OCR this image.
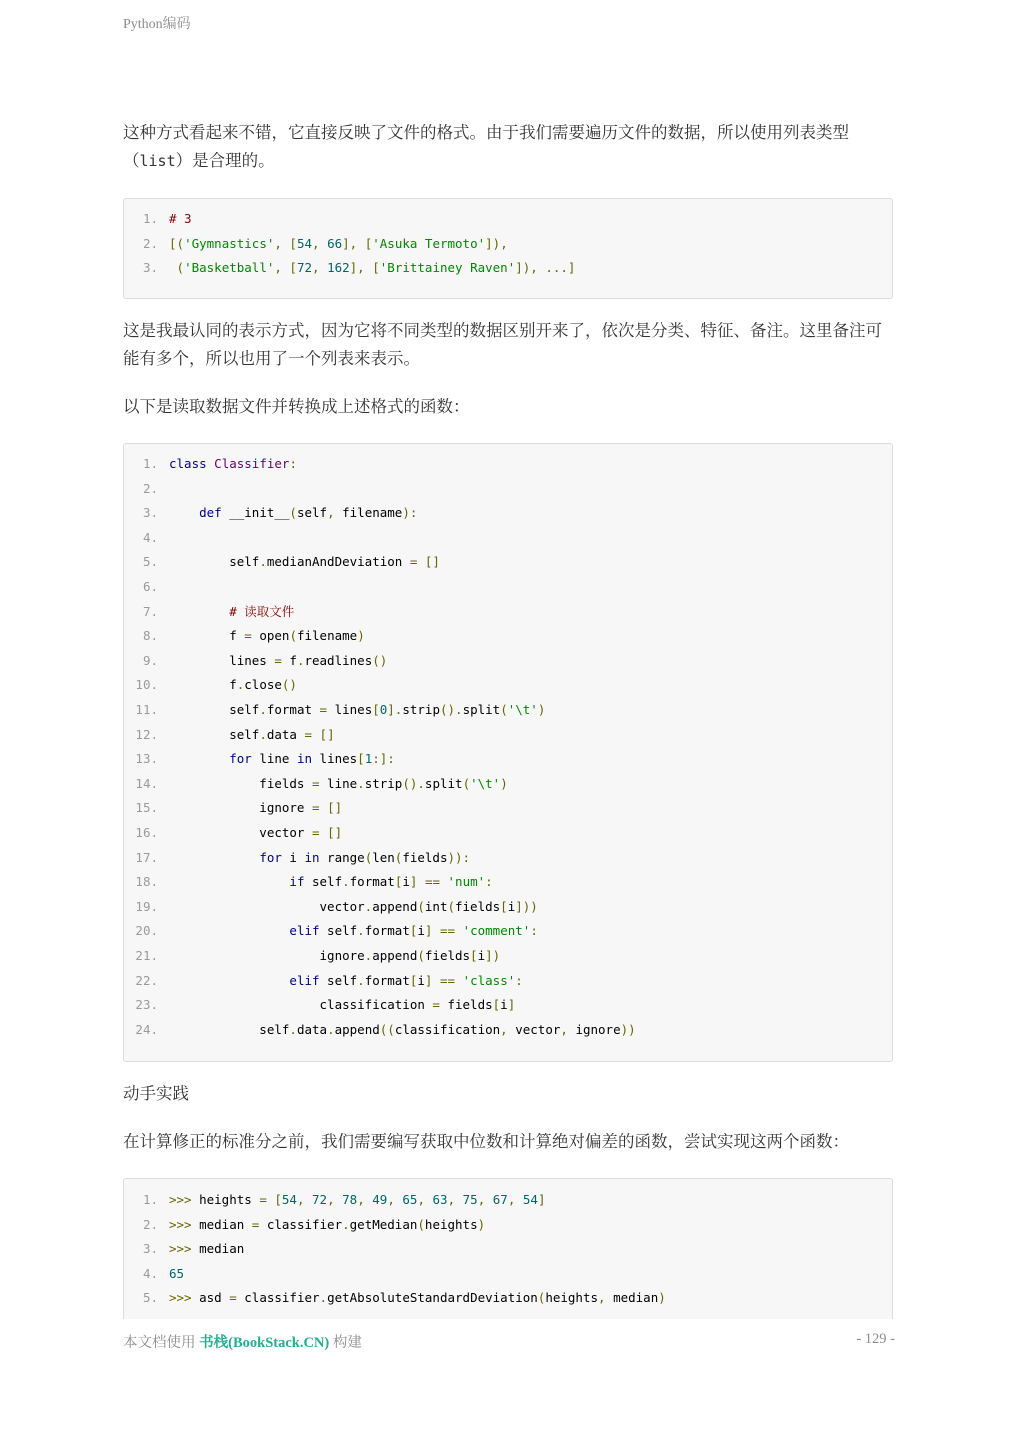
Python编码

这种方式看起来不错，它直接反映了文件的格式。由于我们需要遍历文件的数据，所以使用列表类型（list）是合理的。

1. # 3
2. [('Gymnastics', [54, 66], ['Asuka Termoto']),
3.	('Basketball', [72, 162], ['Brittainey Raven']), ...]

这是我最认同的表示方式，因为它将不同类型的数据区别开来了，依次是分类、特征、备注。这里备注可能有多个，所以也用了一个列表来表示。

以下是读取数据文件并转换成上述格式的函数：

1. class Classifier:
2.
3.	def __init__(self, filename):
4.
5. self.medianAndDeviation = []
6.
7.	# 读取文件
8. f = open(filename)
9. lines = f.readlines()
10. f.close()
11. self.format = lines[0].strip().split('\t')
12. self.data = []
13.	for line in lines[1:]:
14. fields = line.strip().split('\t')
15. ignore = []
16. vector = []
17.	for i in range(len(fields)):
18.	if self.format[i] == 'num':
19. vector.append(int(fields[i]))
20.	elif self.format[i] == 'comment':
21. ignore.append(fields[i])
22.	elif self.format[i] == 'class':
23. classification = fields[i]
24. self.data.append((classification, vector, ignore))

动手实践

在计算修正的标准分之前，我们需要编写获取中位数和计算绝对偏差的函数，尝试实现这两个函数：

1. >>> heights = [54, 72, 78, 49, 65, 63, 75, 67, 54]
2. >>> median = classifier.getMedian(heights)
3. >>> median
4. 65
5. >>> asd = classifier.getAbsoluteStandardDeviation(heights, median)
本文档使用 书栈(BookStack.CN) 构建	- 129 -
